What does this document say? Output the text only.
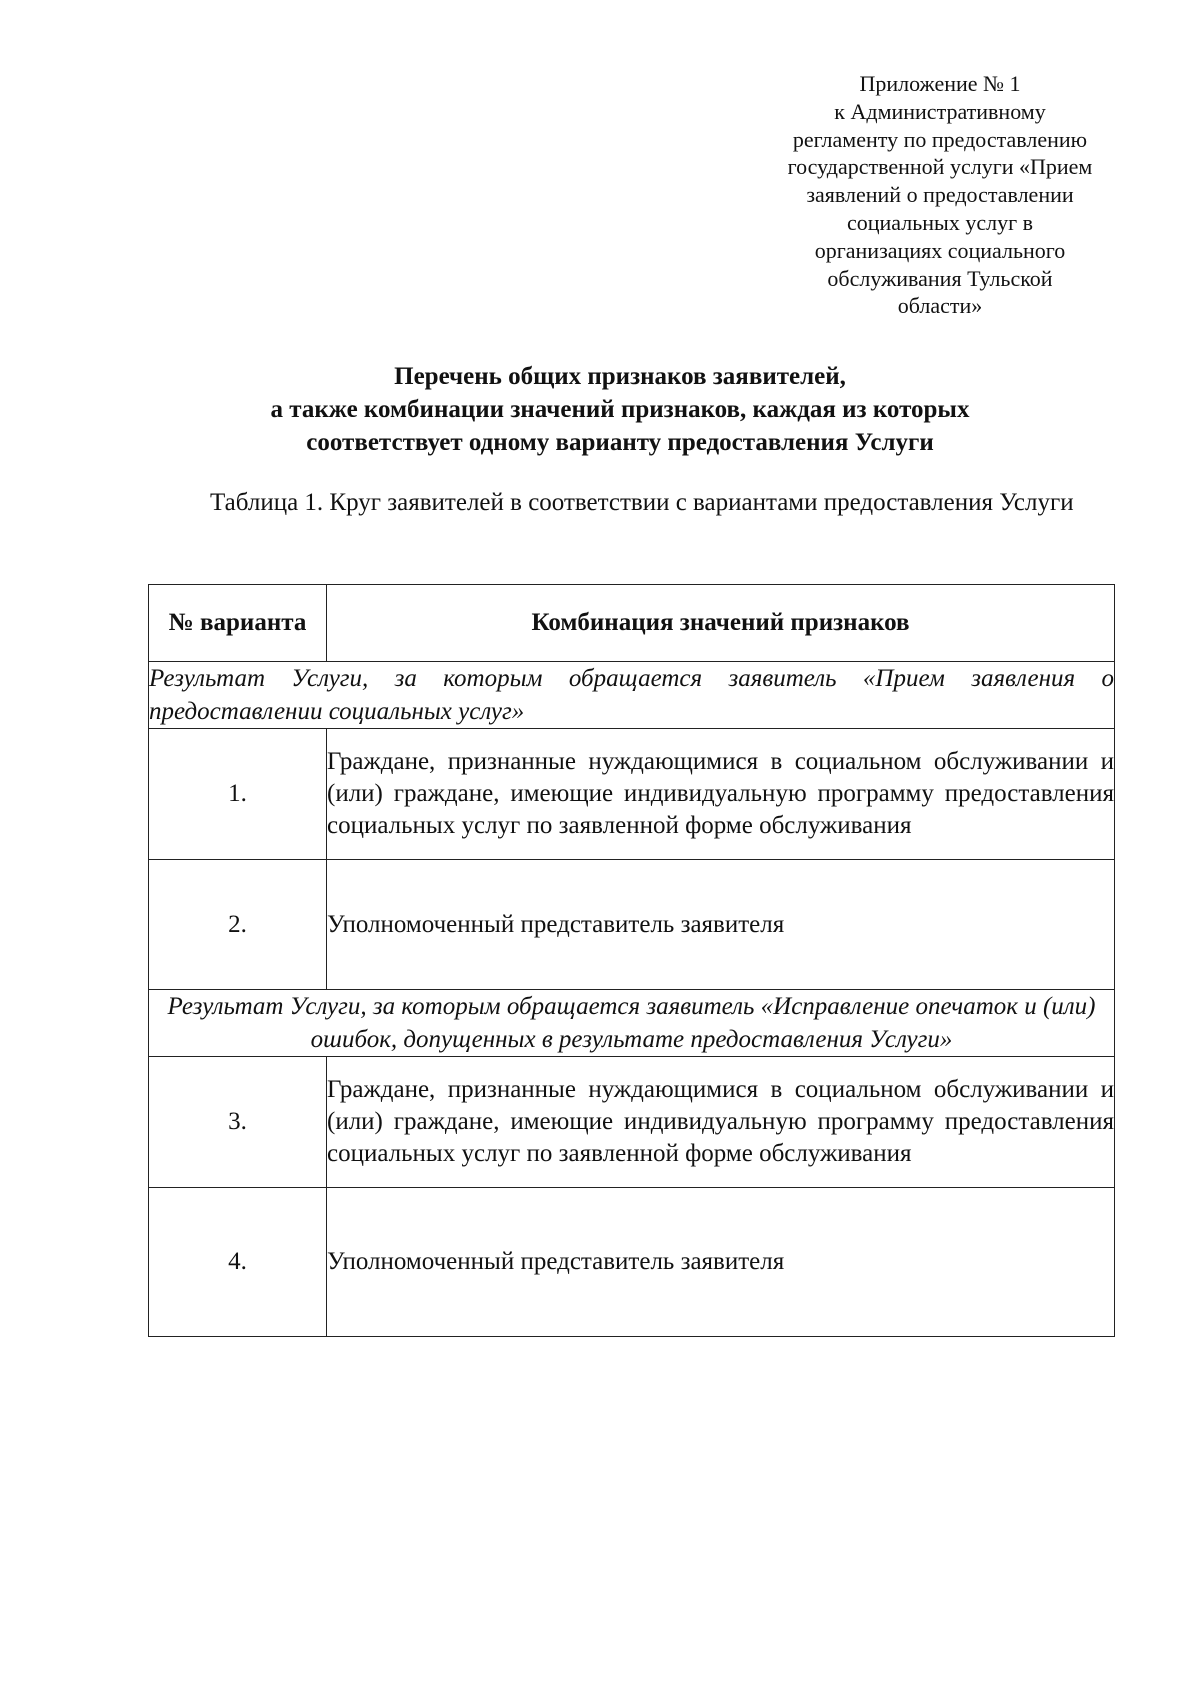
Приложение № 1
к Административному
регламенту по предоставлению
государственной услуги «Прием
заявлений о предоставлении
социальных услуг в
организациях социального
обслуживания Тульской
области»
Перечень общих признаков заявителей,
а также комбинации значений признаков, каждая из которых
соответствует одному варианту предоставления Услуги
Таблица 1. Круг заявителей в соответствии с вариантами предоставления Услуги
№ варианта	Комбинация значений признаков
Результат Услуги, за которым обращается заявитель «Прием заявления о предоставлении социальных услуг»	
1.	Граждане, признанные нуждающимися в социальном обслуживании и (или) граждане, имеющие индивидуальную программу предоставления социальных услуг по заявленной форме обслуживания
2.	Уполномоченный представитель заявителя
Результат Услуги, за которым обращается заявитель «Исправление опечаток и (или) ошибок, допущенных в результате предоставления Услуги»	
3.	Граждане, признанные нуждающимися в социальном обслуживании и (или) граждане, имеющие индивидуальную программу предоставления социальных услуг по заявленной форме обслуживания
4.	Уполномоченный представитель заявителя
